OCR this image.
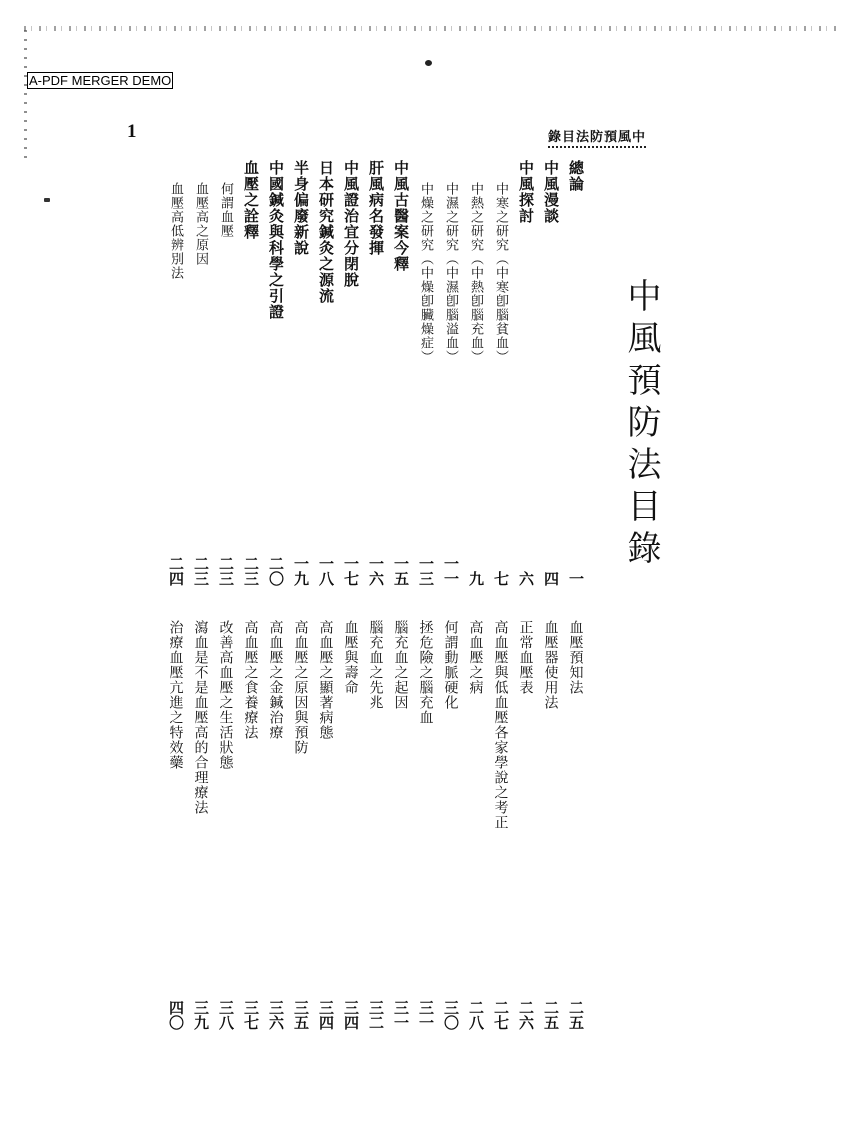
A-PDF MERGER DEMO
1	錄目法防預風中
中風預防法目錄
總論
一
中風漫談
四
中風探討
六
中寒之研究（中寒卽腦貧血）
七
中熱之研究（中熱卽腦充血）
九
中濕之研究（中濕卽腦溢血）
一一
中燥之研究（中燥卽臟燥症）
一三
中風古醫案今釋
一五
肝風病名發揮
一六
中風證治宜分閉脫
一七
日本研究鍼灸之源流
一八
半身偏廢新說
一九
中國鍼灸與科學之引證
二〇
血壓之詮釋
二三
何謂血壓
二三
血壓高之原因
二三
血壓高低辨別法
二四
血壓預知法
二五
血壓器使用法
二五
正常血壓表
二六
高血壓與低血壓各家學說之考正
二七
高血壓之病
二八
何謂動脈硬化
三〇
拯危險之腦充血
三一
腦充血之起因
三一
腦充血之先兆
三二
血壓與壽命
三四
高血壓之顯著病態
三四
高血壓之原因與預防
三五
高血壓之金鍼治療
三六
高血壓之食養療法
三七
改善高血壓之生活狀態
三八
瀉血是不是血壓高的合理療法
三九
治療血壓亢進之特效藥
四〇
